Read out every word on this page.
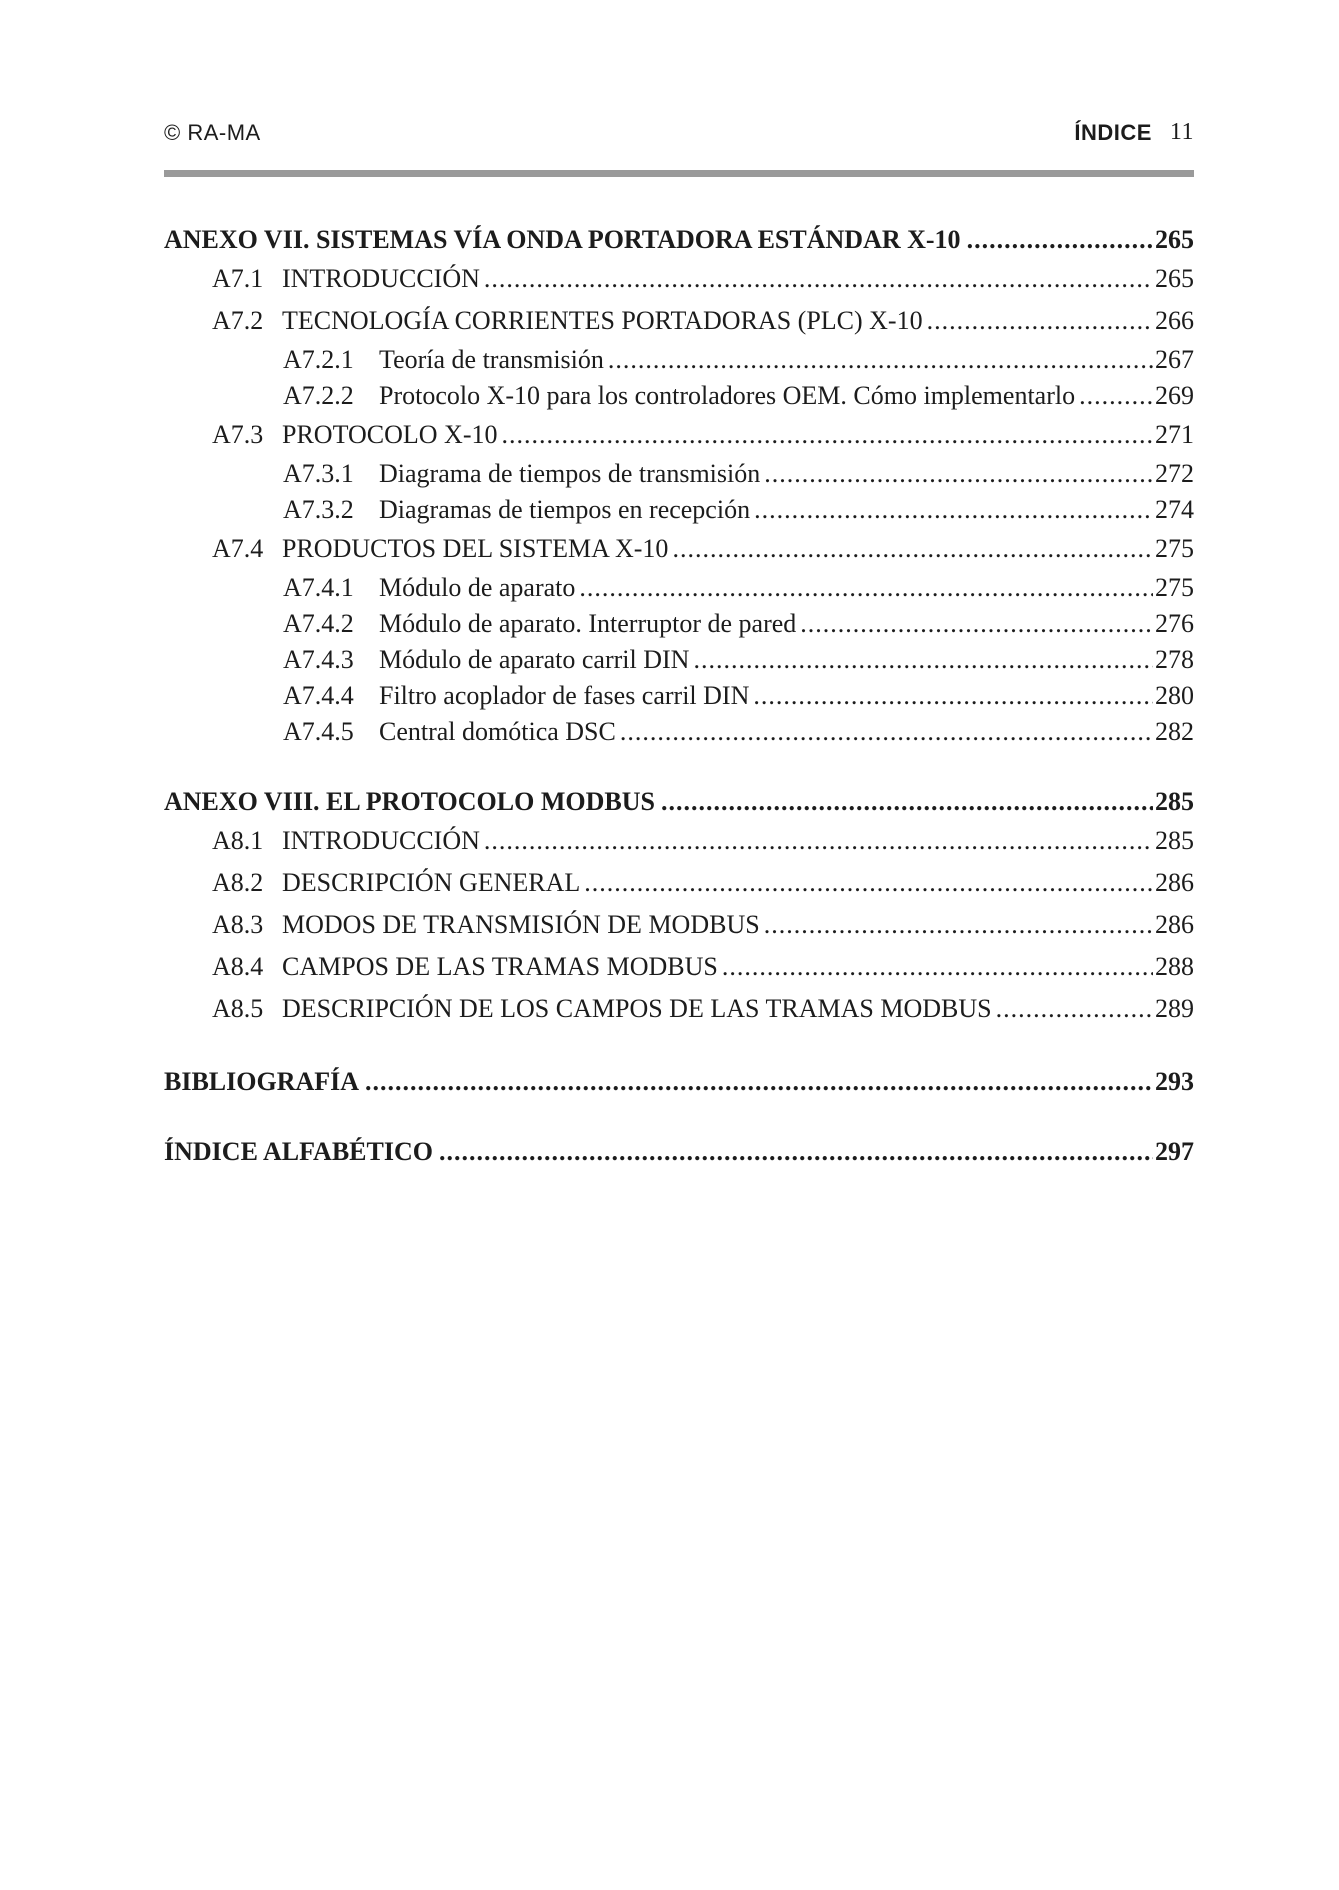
© RA-MA	ÍNDICE 11
ANEXO VII. SISTEMAS VÍA ONDA PORTADORA ESTÁNDAR X-10 .....	265
A7.1 INTRODUCCIÓN .....	265
A7.2 TECNOLOGÍA CORRIENTES PORTADORAS (PLC) X-10 .....	266
A7.2.1 Teoría de transmisión .....	267
A7.2.2 Protocolo X-10 para los controladores OEM. Cómo implementarlo .....	269
A7.3 PROTOCOLO X-10 .....	271
A7.3.1 Diagrama de tiempos de transmisión .....	272
A7.3.2 Diagramas de tiempos en recepción .....	274
A7.4 PRODUCTOS DEL SISTEMA X-10 .....	275
A7.4.1 Módulo de aparato .....	275
A7.4.2 Módulo de aparato. Interruptor de pared .....	276
A7.4.3 Módulo de aparato carril DIN .....	278
A7.4.4 Filtro acoplador de fases carril DIN .....	280
A7.4.5 Central domótica DSC .....	282
ANEXO VIII. EL PROTOCOLO MODBUS .....	285
A8.1 INTRODUCCIÓN .....	285
A8.2 DESCRIPCIÓN GENERAL .....	286
A8.3 MODOS DE TRANSMISIÓN DE MODBUS .....	286
A8.4 CAMPOS DE LAS TRAMAS MODBUS .....	288
A8.5 DESCRIPCIÓN DE LOS CAMPOS DE LAS TRAMAS MODBUS .....	289
BIBLIOGRAFÍA .....	293
ÍNDICE ALFABÉTICO .....	297
